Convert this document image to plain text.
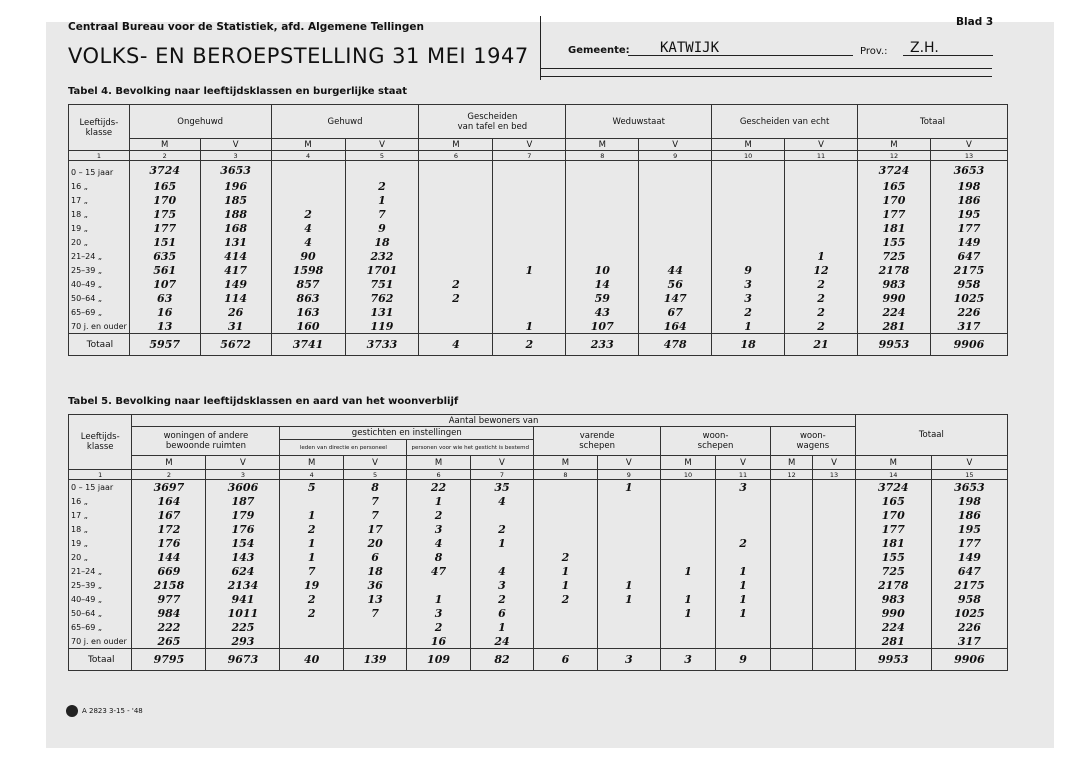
Centraal Bureau voor de Statistiek, afd. Algemene Tellingen
VOLKS- EN BEROEPSTELLING 31 MEI 1947
Blad 3
Gemeente: KATWIJK	Prov.: Z.H.
Tabel 4. Bevolking naar leeftijdsklassen en burgerlijke staat
Leeftijds-
klasse	Ongehuwd		Gehuwd		Gescheiden
van tafel en bed		Weduwstaat		Gescheiden van echt		Totaal	
	M	V	M	V	M	V	M	V	M	V	M	V
1	2	3	4	5	6	7	8	9	10	11	12	13
0 – 15 jaar	3724	3653									3724	3653
16 „	165	196		2							165	198
17 „	170	185		1							170	186
18 „	175	188	2	7							177	195
19 „	177	168	4	9							181	177
20 „	151	131	4	18							155	149
21–24 „	635	414	90	232						1	725	647
25–39 „	561	417	1598	1701		1	10	44	9	12	2178	2175
40–49 „	107	149	857	751	2		14	56	3	2	983	958
50–64 „	63	114	863	762	2		59	147	3	2	990	1025
65–69 „	16	26	163	131			43	67	2	2	224	226
70 j. en ouder	13	31	160	119		1	107	164	1	2	281	317
Totaal	5957	5672	3741	3733	4	2	233	478	18	21	9953	9906
Tabel 5. Bevolking naar leeftijdsklassen en aard van het woonverblijf
Leeftijds-
klasse	Aantal bewoners van												Totaal	
	woningen of andere
bewoonde ruimten		gestichten en instellingen				varende
schepen		woon-
schepen		woon-
wagens			
			leden van directie en personeel		personen voor wie het gesticht is bestemd									
	M	V	M	V	M	V	M	V	M	V	M	V	M	V
1	2	3	4	5	6	7	8	9	10	11	12	13	14	15
0 – 15 jaar	3697	3606	5	8	22	35		1		3			3724	3653
16 „	164	187		7	1	4							165	198
17 „	167	179	1	7	2								170	186
18 „	172	176	2	17	3	2							177	195
19 „	176	154	1	20	4	1				2			181	177
20 „	144	143	1	6	8		2						155	149
21–24 „	669	624	7	18	47	4	1		1	1			725	647
25–39 „	2158	2134	19	36		3	1	1		1			2178	2175
40–49 „	977	941	2	13	1	2	2	1	1	1			983	958
50–64 „	984	1011	2	7	3	6			1	1			990	1025
65–69 „	222	225			2	1							224	226
70 j. en ouder	265	293			16	24							281	317
Totaal	9795	9673	40	139	109	82	6	3	3	9			9953	9906
A 2823 3-15 - '48
